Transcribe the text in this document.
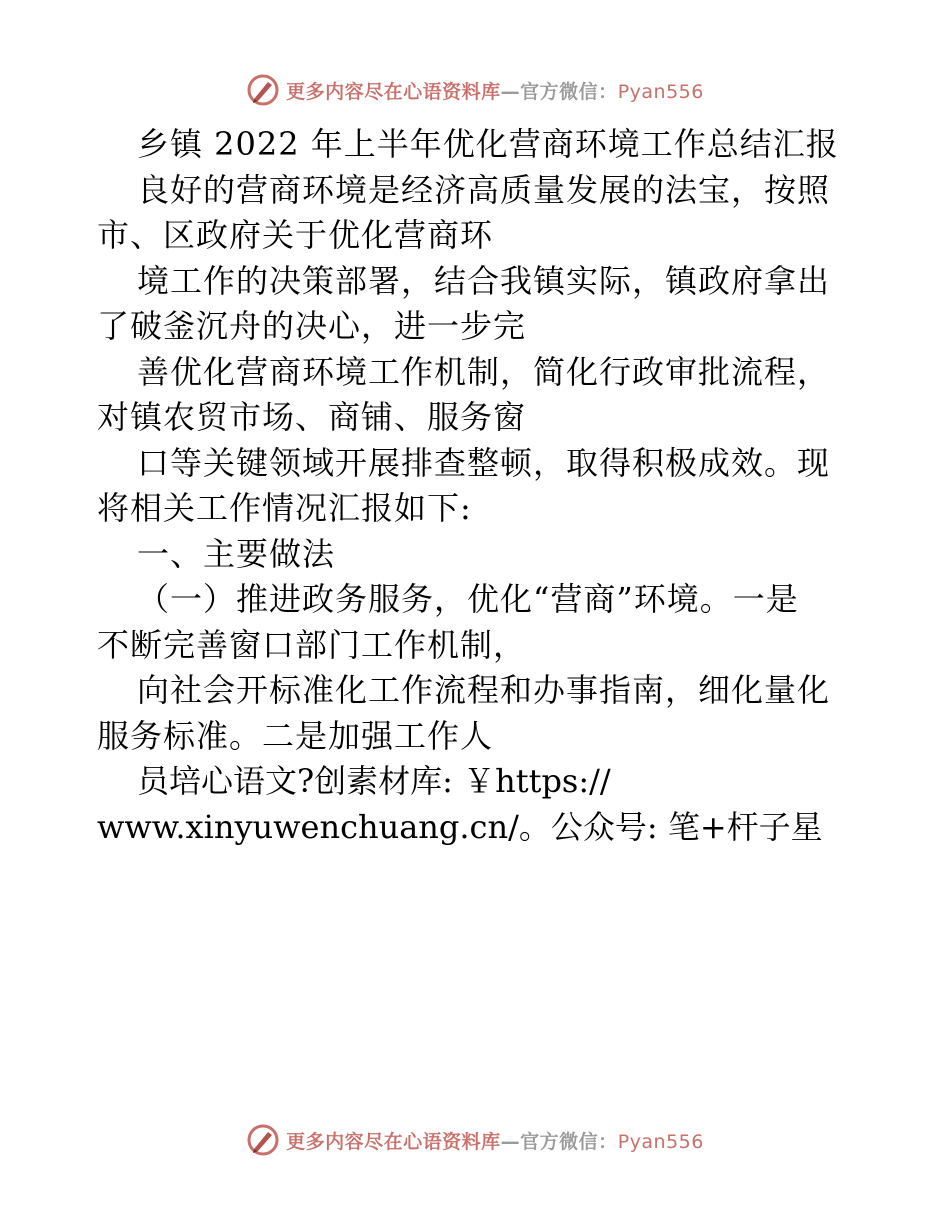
更多内容尽在心语资料库—官方微信：Pyan556
乡镇 2022 年上半年优化营商环境工作总结汇报
良好的营商环境是经济高质量发展的法宝，按照
市、区政府关于优化营商环
境工作的决策部署，结合我镇实际，镇政府拿出
了破釜沉舟的决心，进一步完
善优化营商环境工作机制，简化行政审批流程，
对镇农贸市场、商铺、服务窗
口等关键领域开展排查整顿，取得积极成效。现
将相关工作情况汇报如下:
一、主要做法
（一）推进政务服务，优化“营商”环境。一是
不断完善窗口部门工作机制，
向社会开标准化工作流程和办事指南，细化量化
服务标准。二是加强工作人
员培心语文?创素材库: ￥https://
www.xinyuwenchuang.cn/。公众号: 笔+杆子星
更多内容尽在心语资料库—官方微信：Pyan556
